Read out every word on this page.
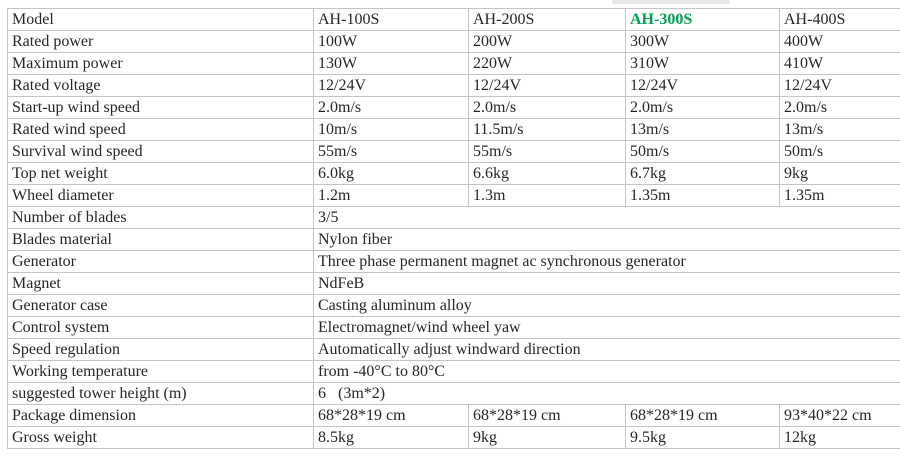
Model	AH-100S	AH-200S	AH-300S	AH-400S
Rated power	100W	200W	300W	400W
Maximum power	130W	220W	310W	410W
Rated voltage	12/24V	12/24V	12/24V	12/24V
Start-up wind speed	2.0m/s	2.0m/s	2.0m/s	2.0m/s
Rated wind speed	10m/s	11.5m/s	13m/s	13m/s
Survival wind speed	55m/s	55m/s	50m/s	50m/s
Top net weight	6.0kg	6.6kg	6.7kg	9kg
Wheel diameter	1.2m	1.3m	1.35m	1.35m
Number of blades	3/5			
Blades material	Nylon fiber			
Generator	Three phase permanent magnet ac synchronous generator			
Magnet	NdFeB			
Generator case	Casting aluminum alloy			
Control system	Electromagnet/wind wheel yaw			
Speed regulation	Automatically adjust windward direction			
Working temperature	from -40°C to 80°C			
suggested tower height (m)	6   (3m*2)			
Package dimension	68*28*19 cm	68*28*19 cm	68*28*19 cm	93*40*22 cm
Gross weight	8.5kg	9kg	9.5kg	12kg
